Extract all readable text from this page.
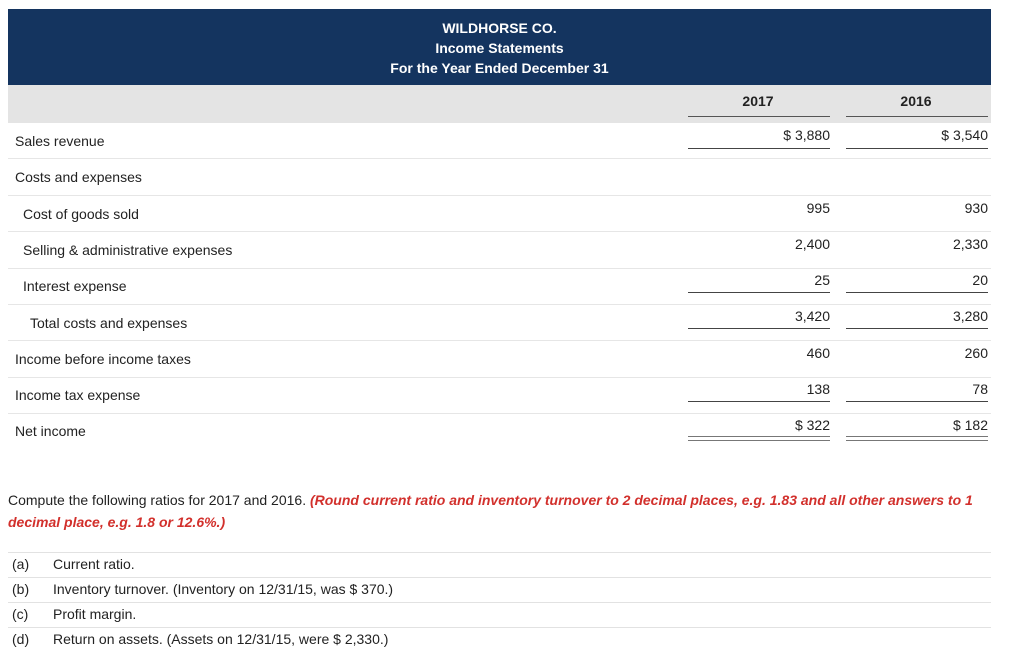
WILDHORSE CO.
Income Statements
For the Year Ended December 31
2017	2016
Sales revenue	$ 3,880	$ 3,540
Costs and expenses
Cost of goods sold	995	930
Selling & administrative expenses	2,400	2,330
Interest expense	25	20
Total costs and expenses	3,420	3,280
Income before income taxes	460	260
Income tax expense	138	78
Net income	$ 322	$ 182
Compute the following ratios for 2017 and 2016. (Round current ratio and inventory turnover to 2 decimal places, e.g. 1.83 and all other answers to 1 decimal place, e.g. 1.8 or 12.6%.)
(a) Current ratio.
(b) Inventory turnover. (Inventory on 12/31/15, was $ 370.)
(c) Profit margin.
(d) Return on assets. (Assets on 12/31/15, were $ 2,330.)
